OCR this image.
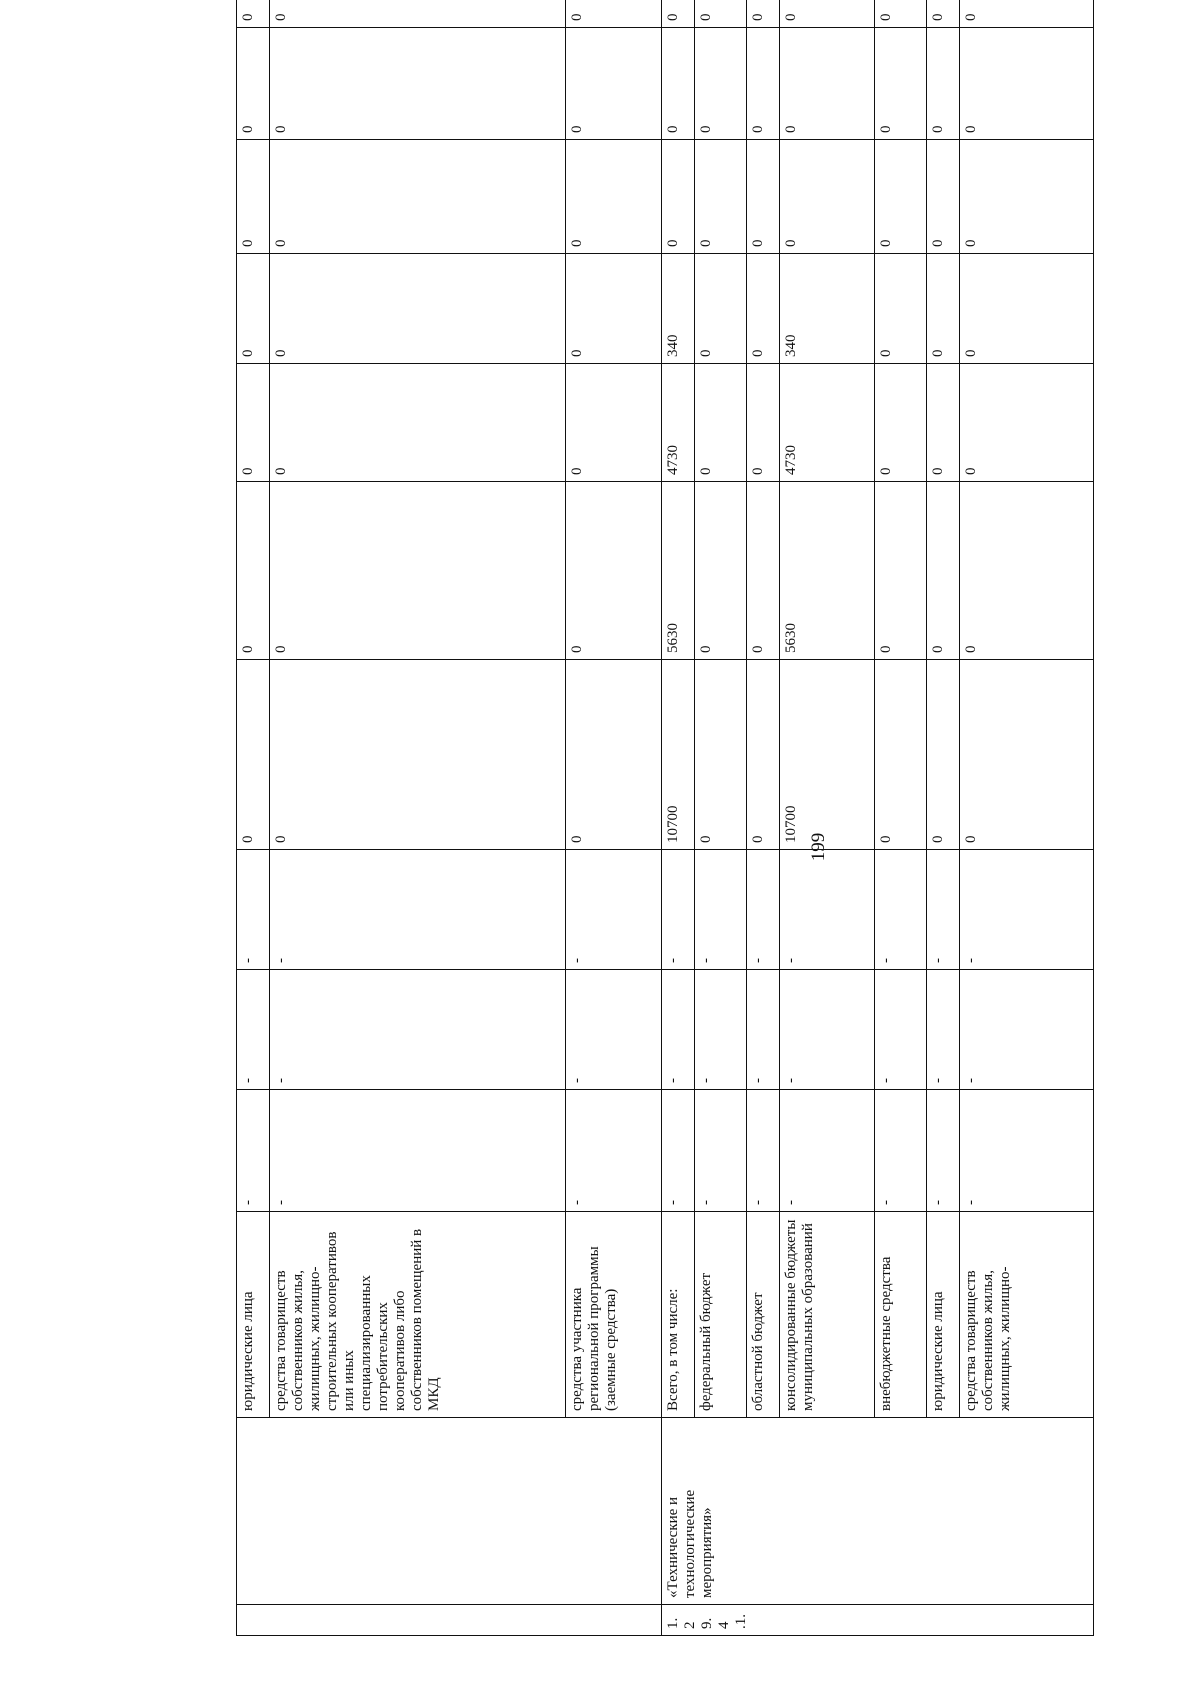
199
		юридические лица	-	-	-	0	0	0	0	0	0	0	
		средства товариществ собственников жилья, жилищных, жилищно-строительных кооперативов или иных специализированных потребительских кооперативов либо собственников помещений в МКД	-	-	-	0	0	0	0	0	0	0	
		средства участника региональной программы (заемные средства)	-	-	-	0	0	0	0	0	0	0	
1.2 9.4 .1.	«Технические и технологические мероприятия»	Всего, в том числе:	-	-	-	10700	5630	4730	340	0	0	0	
		федеральный бюджет	-	-	-	0	0	0	0	0	0	0	
		областной бюджет	-	-	-	0	0	0	0	0	0	0	
		консолидированные бюджеты муниципальных образований	-	-	-	10700	5630	4730	340	0	0	0	
		внебюджетные средства	-	-	-	0	0	0	0	0	0	0	
		юридические лица	-	-	-	0	0	0	0	0	0	0	
		средства товариществ собственников жилья, жилищных, жилищно-	-	-	-	0	0	0	0	0	0	0	
